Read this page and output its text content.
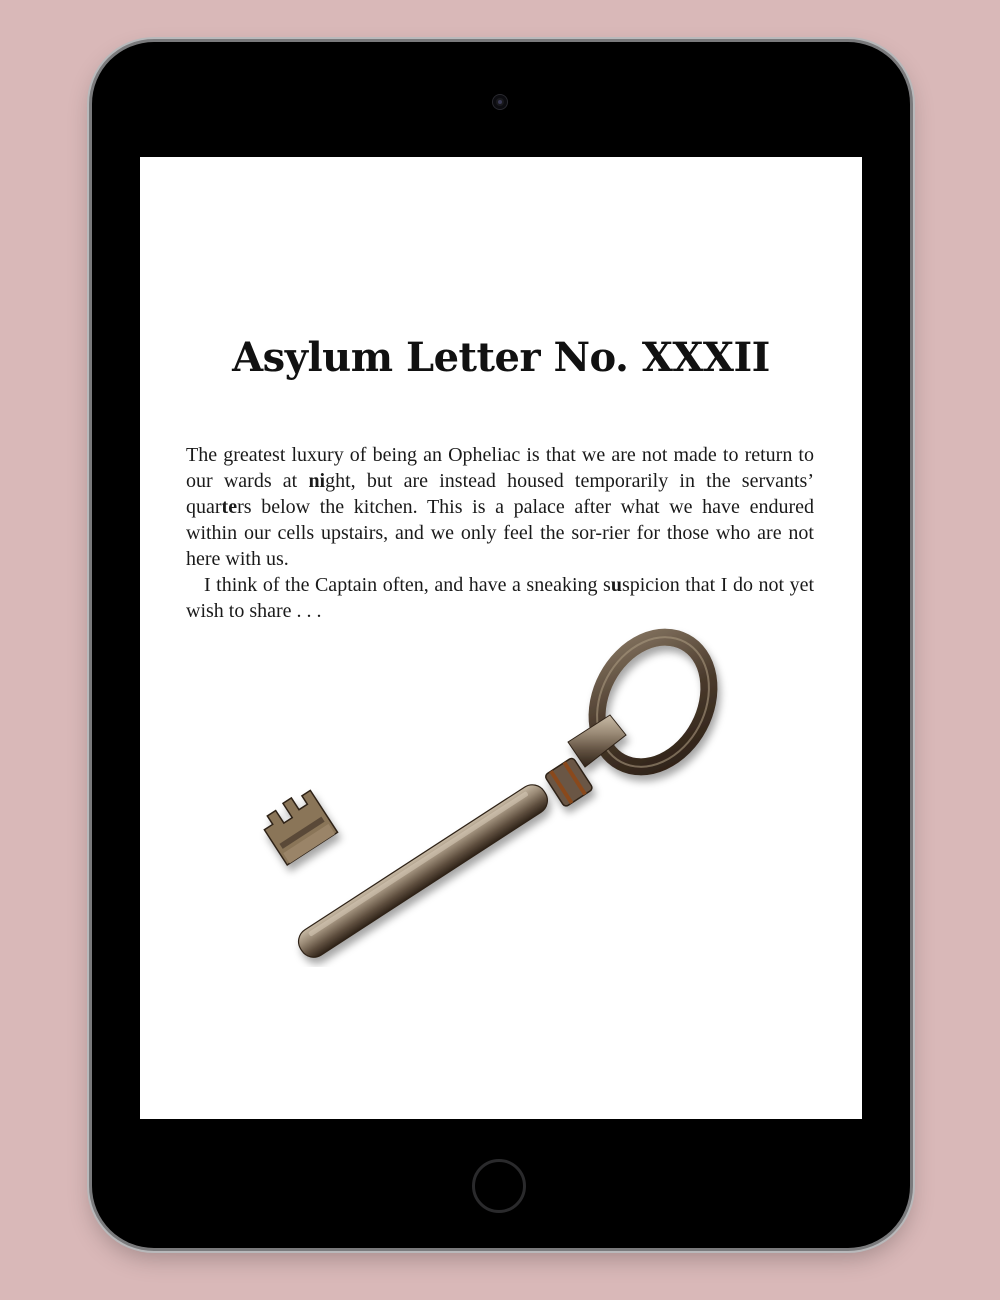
Asylum Letter No. XXXII

The greatest luxury of being an Opheliac is that we are not made to return to our wards at night, but are instead housed temporarily in the servants’ quarters below the kitchen. This is a palace after what we have endured within our cells upstairs, and we only feel the sor-rier for those who are not here with us.

I think of the Captain often, and have a sneaking suspicion that I do not yet wish to share . . .
